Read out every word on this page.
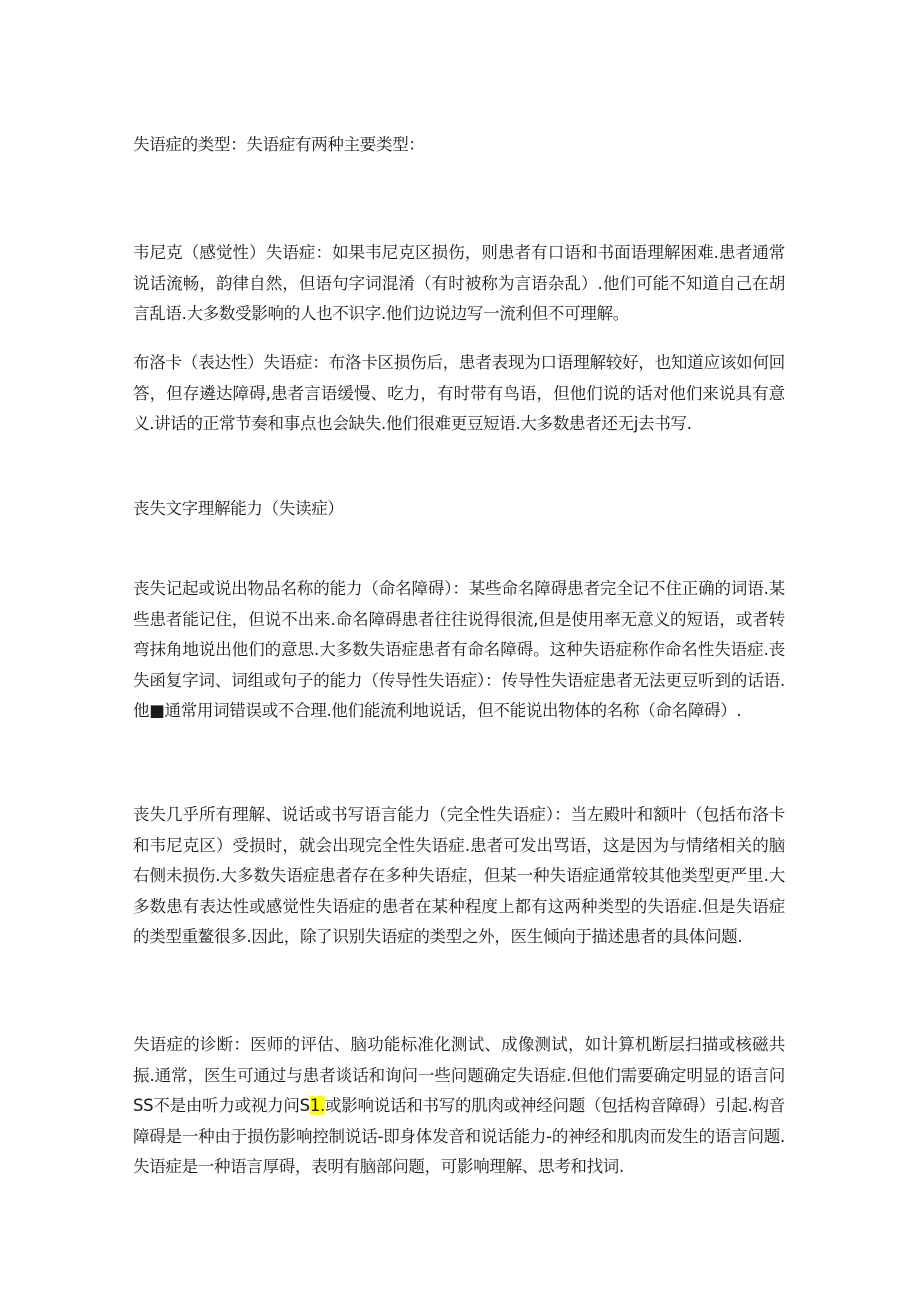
失语症的类型：失语症有两种主要类型：

韦尼克（感觉性）失语症：如果韦尼克区损伤，则患者有口语和书面语理解困难.患者通常说话流畅，韵律自然，但语句字词混淆（有时被称为言语杂乱）.他们可能不知道自己在胡言乱语.大多数受影响的人也不识字.他们边说边写一流利但不可理解。

布洛卡（表达性）失语症：布洛卡区损伤后，患者表现为口语理解较好，也知道应该如何回答，但存遴达障碍,患者言语缓慢、吃力，有时带有鸟语，但他们说的话对他们来说具有意义.讲话的正常节奏和事点也会缺失.他们很难更豆短语.大多数患者还无j去书写.

丧失文字理解能力（失读症）

丧失记起或说出物品名称的能力（命名障碍）：某些命名障碍患者完全记不住正确的词语.某些患者能记住，但说不出来.命名障碍患者往往说得很流,但是使用率无意义的短语，或者转弯抹角地说出他们的意思.大多数失语症患者有命名障碍。这种失语症称作命名性失语症.丧失函复字词、词组或句子的能力（传导性失语症）：传导性失语症患者无法更豆听到的话语.他■通常用词错误或不合理.他们能流利地说话，但不能说出物体的名称（命名障碍）.

丧失几乎所有理解、说话或书写语言能力（完全性失语症）：当左殿叶和额叶（包括布洛卡和韦尼克区）受损时，就会出现完全性失语症.患者可发出骂语，这是因为与情绪相关的脑右侧未损伤.大多数失语症患者存在多种失语症，但某一种失语症通常较其他类型更严里.大多数患有表达性或感觉性失语症的患者在某种程度上都有这两种类型的失语症.但是失语症的类型重鳌很多.因此，除了识别失语症的类型之外，医生倾向于描述患者的具体问题.

失语症的诊断：医师的评估、脑功能标准化测试、成像测试，如计算机断层扫描或核磁共振.通常，医生可通过与患者谈话和询问一些问题确定失语症.但他们需要确定明显的语言问SS不是由听力或视力问S1.或影响说话和书写的肌肉或神经问题（包括构音障碍）引起.构音障碍是一种由于损伤影响控制说话-即身体发音和说话能力-的神经和肌肉而发生的语言问题.失语症是一种语言厚碍，表明有脑部问题，可影响理解、思考和找词.
